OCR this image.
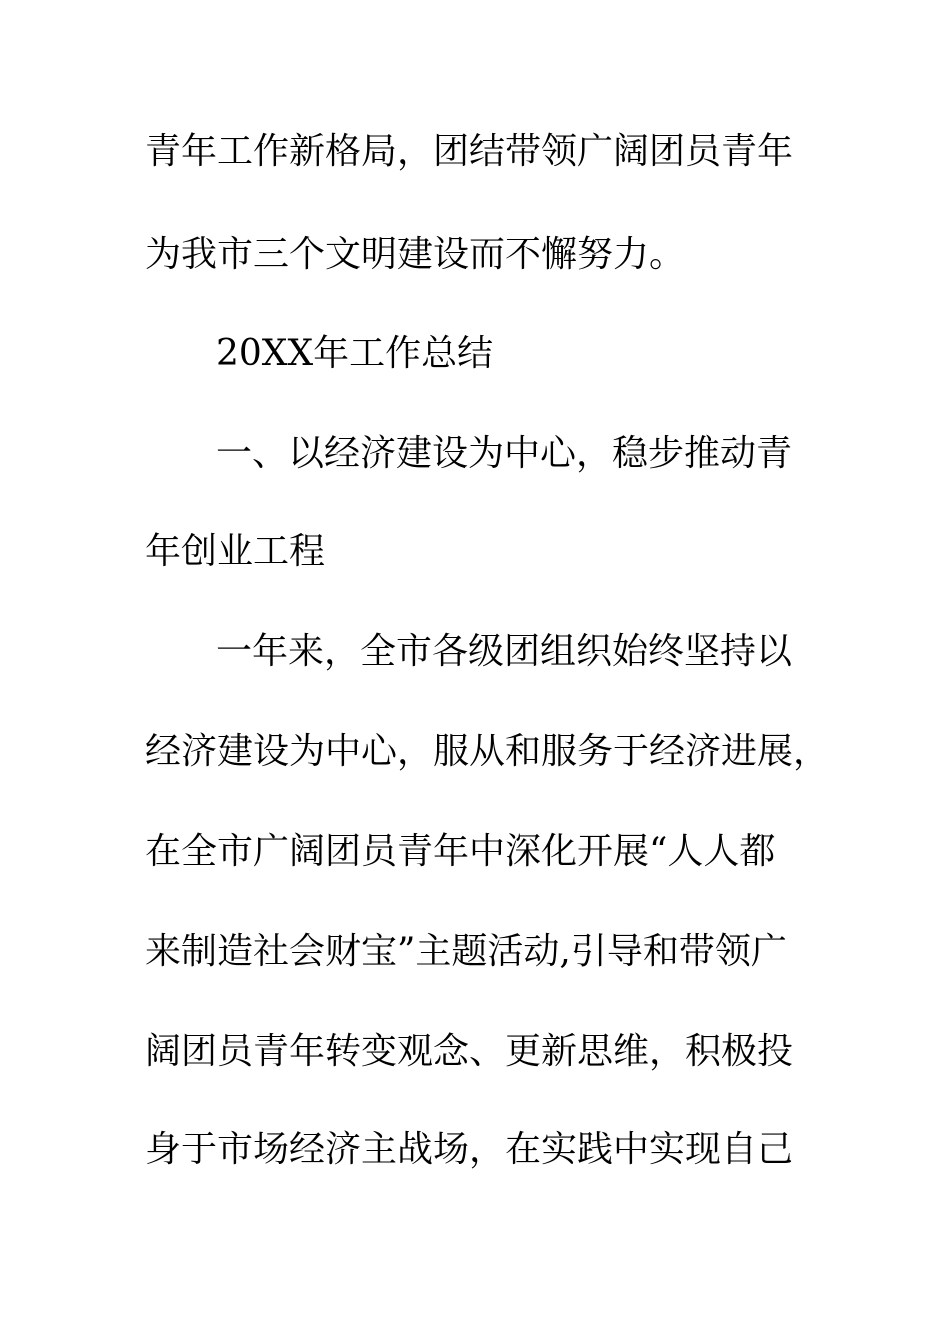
青年工作新格局，团结带领广阔团员青年
为我市三个文明建设而不懈努力。
20XX年工作总结
一、以经济建设为中心，稳步推动青
年创业工程
一年来，全市各级团组织始终坚持以
经济建设为中心，服从和服务于经济进展，
在全市广阔团员青年中深化开展“人人都
来制造社会财宝”主题活动,引导和带领广
阔团员青年转变观念、更新思维，积极投
身于市场经济主战场，在实践中实现自己
